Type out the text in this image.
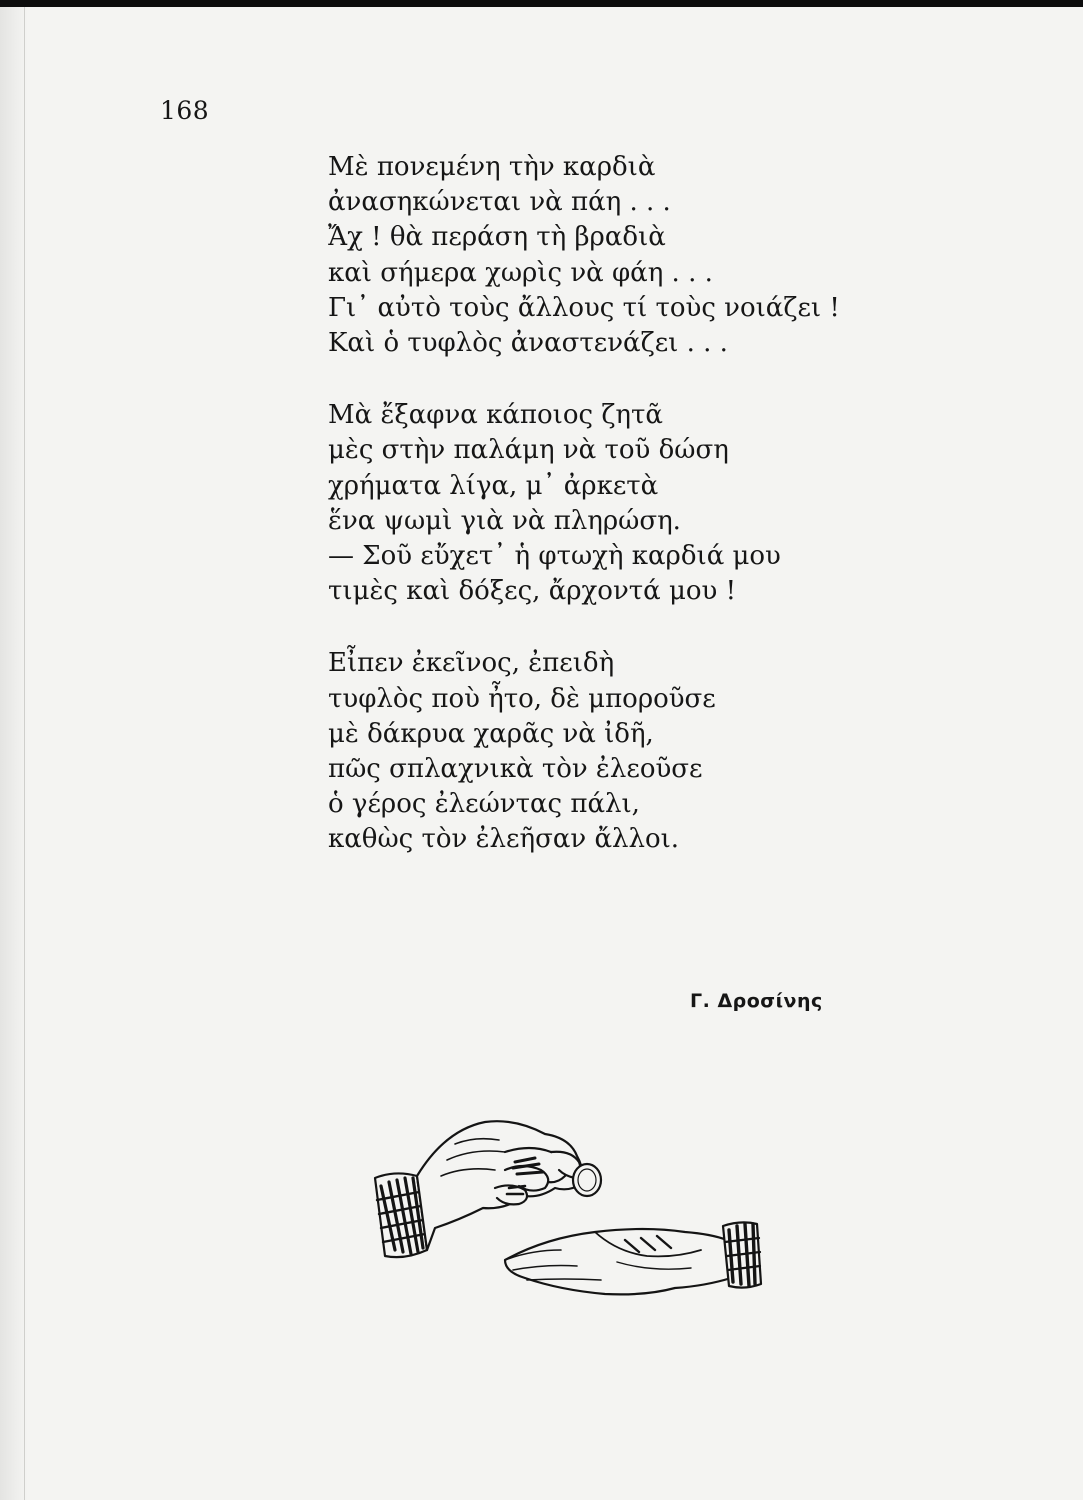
168
Μὲ πονεμένη τὴν καρδιὰ
ἀνασηκώνεται νὰ πάη . . .
Ἄχ ! θὰ περάση τὴ βραδιὰ
καὶ σήμερα χωρὶς νὰ φάη . . .
Γι᾿ αὐτὸ τοὺς ἄλλους τί τοὺς νοιάζει !
Καὶ ὁ τυφλὸς ἀναστενάζει . . .
Μὰ ἔξαφνα κάποιος ζητᾶ
μὲς στὴν παλάμη νὰ τοῦ δώση
χρήματα λίγα, μ᾿ ἀρκετὰ
ἕνα ψωμὶ γιὰ νὰ πληρώση.
— Σοῦ εὔχετ᾿ ἡ φτωχὴ καρδιά μου
τιμὲς καὶ δόξες, ἄρχοντά μου !
Εἶπεν ἐκεῖνος, ἐπειδὴ
τυφλὸς ποὺ ἦτο, δὲ μποροῦσε
μὲ δάκρυα χαρᾶς νὰ ἰδῆ,
πῶς σπλαχνικὰ τὸν ἐλεοῦσε
ὁ γέρος ἐλεώντας πάλι,
καθὼς τὸν ἐλεῆσαν ἄλλοι.
Γ. Δροσίνης
